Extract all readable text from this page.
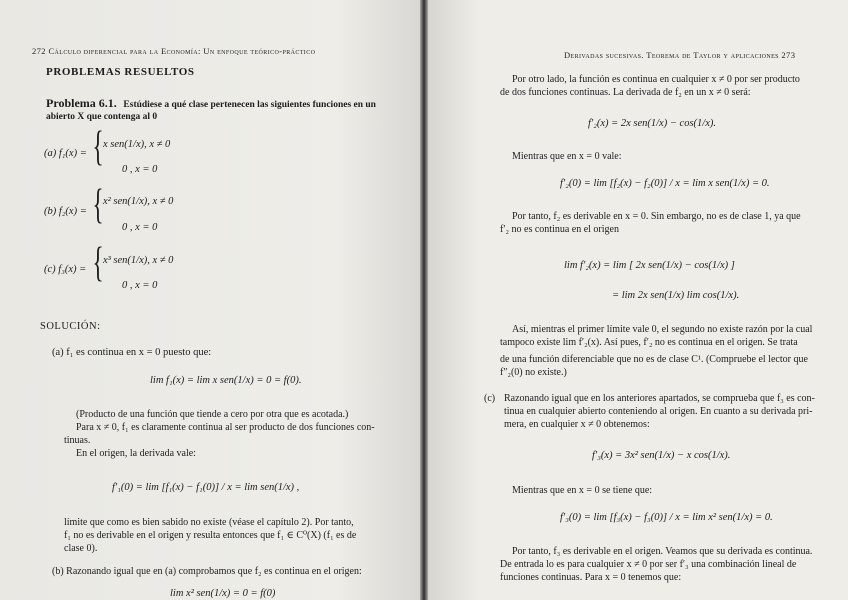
272 Cálculo diferencial para la Economía: Un enfoque teórico-práctico
PROBLEMAS RESUELTOS
Problema 6.1. Estúdiese a qué clase pertenecen las siguientes funciones en un
abierto X que contenga al 0
(a) f₁(x) = { x sen(1/x), x ≠ 0
0 , x = 0
(b) f₂(x) = { x² sen(1/x), x ≠ 0
0 , x = 0
(c) f₃(x) = { x³ sen(1/x), x ≠ 0
0 , x = 0
SOLUCIÓN:
(a) f₁ es continua en x = 0 puesto que:
lim f₁(x) = lim x sen(1/x) = 0 = f(0).
(Producto de una función que tiende a cero por otra que es acotada.)
Para x ≠ 0, f₁ es claramente continua al ser producto de dos funciones con-
tinuas.
En el origen, la derivada vale:
f′₁(0) = lim [f₁(x) − f₁(0)] / x = lim sen(1/x) ,
límite que como es bien sabido no existe (véase el capítulo 2). Por tanto,
f₁ no es derivable en el origen y resulta entonces que f₁ ∈ C⁰(X) (f₁ es de
clase 0).
(b) Razonando igual que en (a) comprobamos que f₂ es continua en el origen:
lim x² sen(1/x) = 0 = f(0)
Derivadas sucesivas. Teorema de Taylor y aplicaciones 273
Por otro lado, la función es continua en cualquier x ≠ 0 por ser producto
de dos funciones continuas. La derivada de f₂ en un x ≠ 0 será:
f′₂(x) = 2x sen(1/x) − cos(1/x).
Mientras que en x = 0 vale:
f′₂(0) = lim [f₂(x) − f₂(0)] / x = lim x sen(1/x) = 0.
Por tanto, f₂ es derivable en x = 0. Sin embargo, no es de clase 1, ya que
f′₂ no es continua en el origen
lim f′₂(x) = lim [ 2x sen(1/x) − cos(1/x) ]
= lim 2x sen(1/x) lim cos(1/x).
Así, mientras el primer límite vale 0, el segundo no existe razón por la cual
tampoco existe lim f′₂(x). Así pues, f′₂ no es continua en el origen. Se trata
de una función diferenciable que no es de clase C¹. (Compruebe el lector que
f″₂(0) no existe.)
(c) Razonando igual que en los anteriores apartados, se comprueba que f₃ es con-
tinua en cualquier abierto conteniendo al origen. En cuanto a su derivada pri-
mera, en cualquier x ≠ 0 obtenemos:
f′₃(x) = 3x² sen(1/x) − x cos(1/x).
Mientras que en x = 0 se tiene que:
f′₃(0) = lim [f₃(x) − f₃(0)] / x = lim x² sen(1/x) = 0.
Por tanto, f₃ es derivable en el origen. Veamos que su derivada es continua.
De entrada lo es para cualquier x ≠ 0 por ser f′₃ una combinación lineal de
funciones continuas. Para x = 0 tenemos que:
